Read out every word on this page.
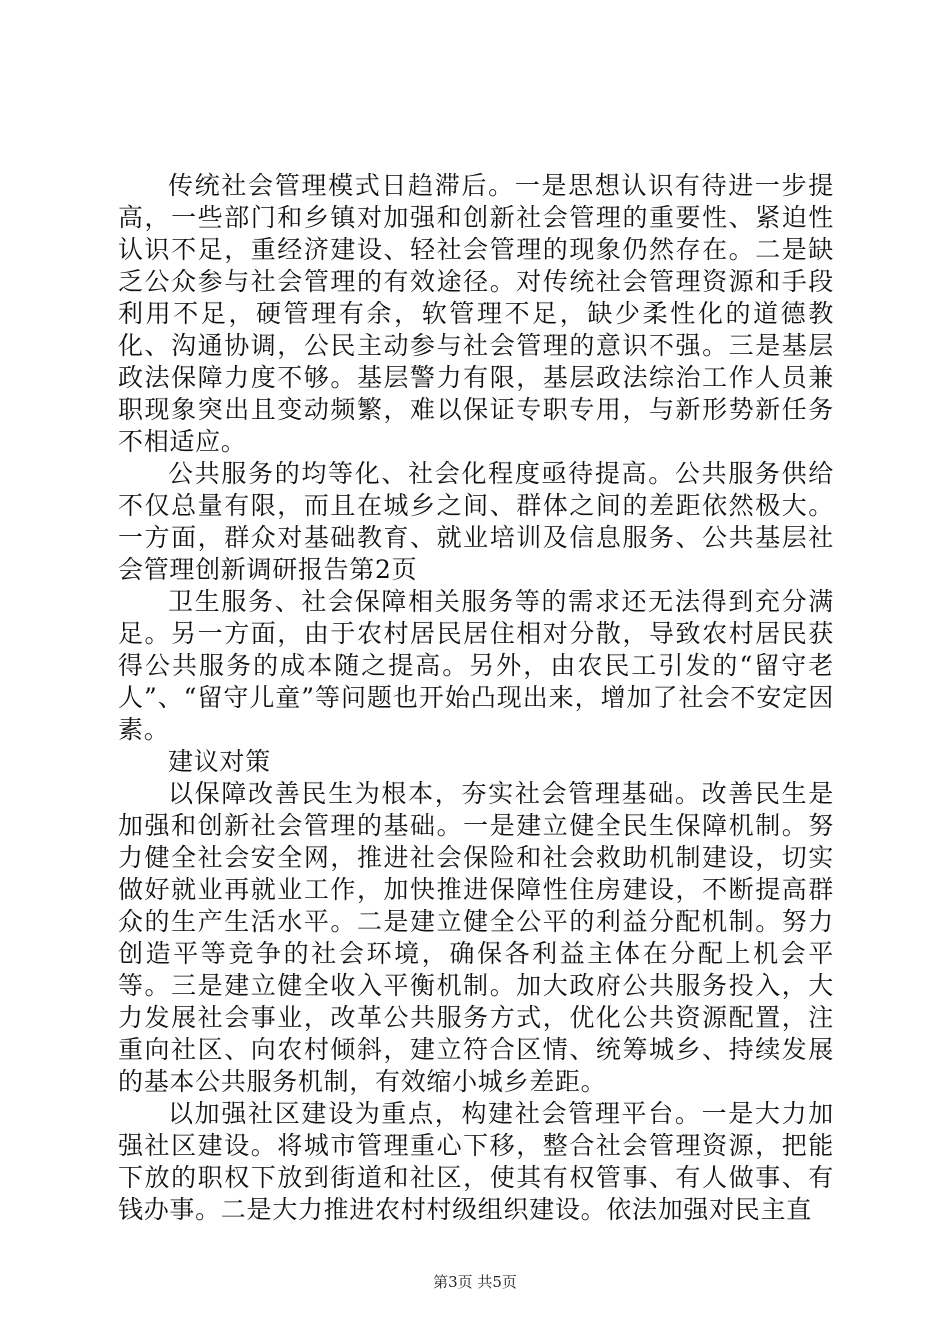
传统社会管理模式日趋滞后。一是思想认识有待进一步提高，一些部门和乡镇对加强和创新社会管理的重要性、紧迫性认识不足，重经济建设、轻社会管理的现象仍然存在。二是缺乏公众参与社会管理的有效途径。对传统社会管理资源和手段利用不足，硬管理有余，软管理不足，缺少柔性化的道德教化、沟通协调，公民主动参与社会管理的意识不强。三是基层政法保障力度不够。基层警力有限，基层政法综治工作人员兼职现象突出且变动频繁，难以保证专职专用，与新形势新任务不相适应。

公共服务的均等化、社会化程度亟待提高。公共服务供给不仅总量有限，而且在城乡之间、群体之间的差距依然极大。一方面，群众对基础教育、就业培训及信息服务、公共基层社会管理创新调研报告第2页

卫生服务、社会保障相关服务等的需求还无法得到充分满足。另一方面，由于农村居民居住相对分散，导致农村居民获得公共服务的成本随之提高。另外，由农民工引发的“留守老人”、“留守儿童”等问题也开始凸现出来，增加了社会不安定因素。

建议对策

以保障改善民生为根本，夯实社会管理基础。改善民生是加强和创新社会管理的基础。一是建立健全民生保障机制。努力健全社会安全网，推进社会保险和社会救助机制建设，切实做好就业再就业工作，加快推进保障性住房建设，不断提高群众的生产生活水平。二是建立健全公平的利益分配机制。努力创造平等竞争的社会环境，确保各利益主体在分配上机会平等。三是建立健全收入平衡机制。加大政府公共服务投入，大力发展社会事业，改革公共服务方式，优化公共资源配置，注重向社区、向农村倾斜，建立符合区情、统筹城乡、持续发展的基本公共服务机制，有效缩小城乡差距。

以加强社区建设为重点，构建社会管理平台。一是大力加强社区建设。将城市管理重心下移，整合社会管理资源，把能下放的职权下放到街道和社区，使其有权管事、有人做事、有钱办事。二是大力推进农村村级组织建设。依法加强对民主直

第3页 共5页
